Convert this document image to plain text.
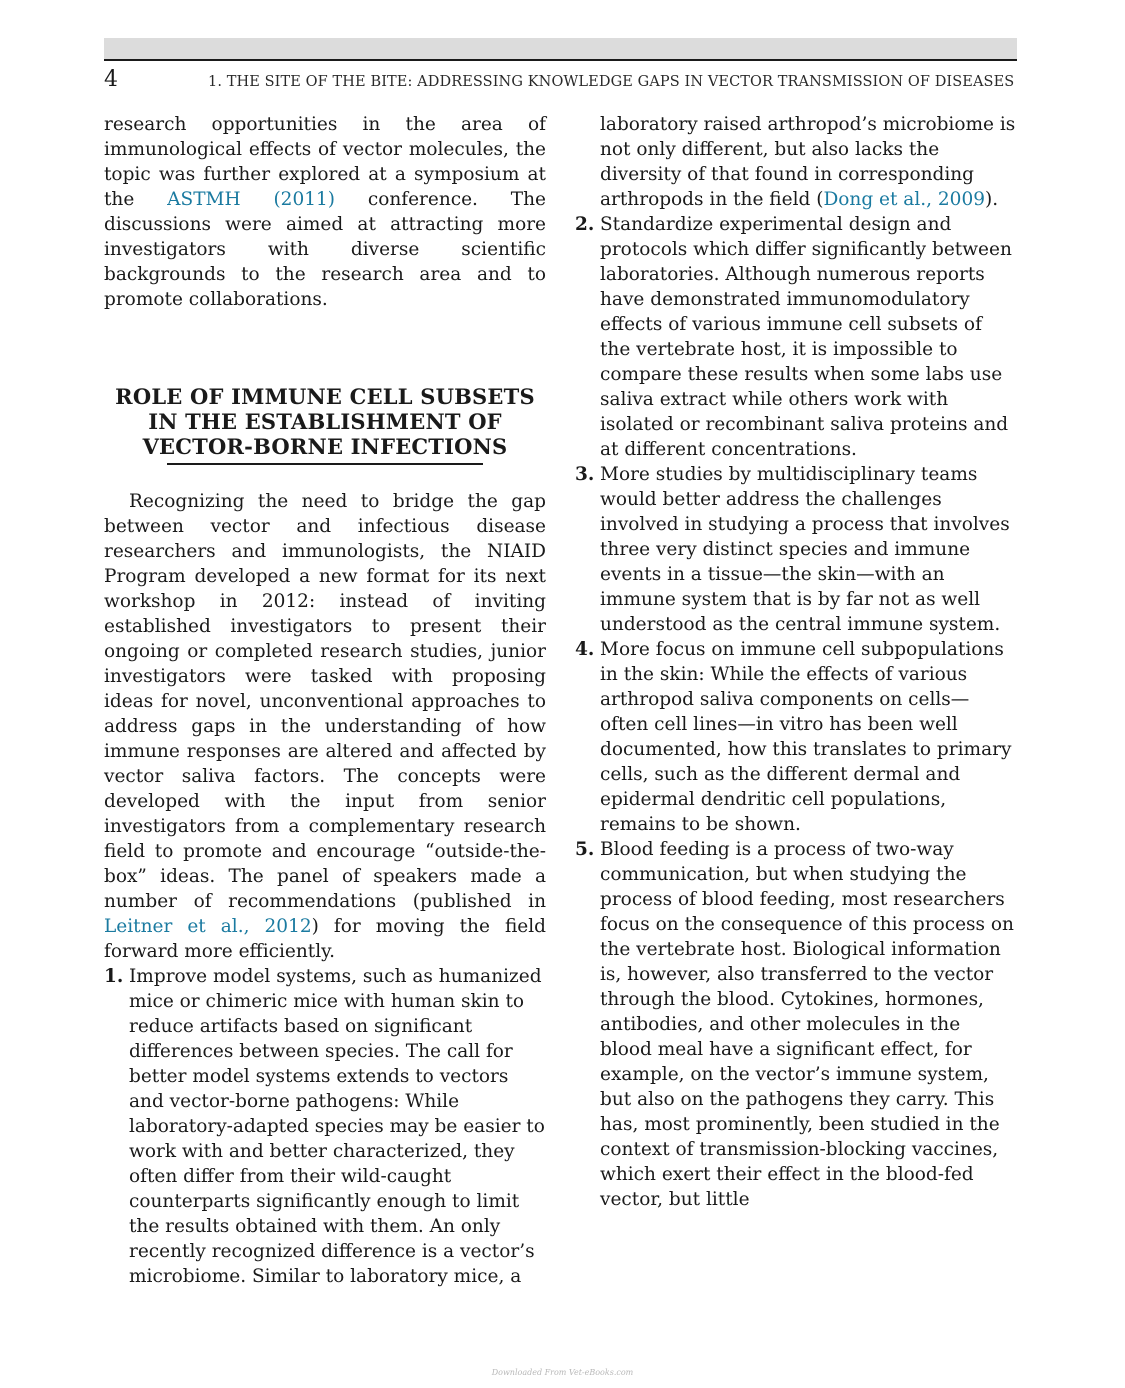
4	1. THE SITE OF THE BITE: ADDRESSING KNOWLEDGE GAPS IN VECTOR TRANSMISSION OF DISEASES

research opportunities in the area of immunological effects of vector molecules, the topic was further explored at a symposium at the ASTMH (2011) conference. The discussions were aimed at attracting more investigators with diverse scientific backgrounds to the research area and to promote collaborations.

ROLE OF IMMUNE CELL SUBSETS
IN THE ESTABLISHMENT OF
VECTOR-BORNE INFECTIONS

Recognizing the need to bridge the gap between vector and infectious disease researchers and immunologists, the NIAID Program developed a new format for its next workshop in 2012: instead of inviting established investigators to present their ongoing or completed research studies, junior investigators were tasked with proposing ideas for novel, unconventional approaches to address gaps in the understanding of how immune responses are altered and affected by vector saliva factors. The concepts were developed with the input from senior investigators from a complementary research field to promote and encourage “outside-the-box” ideas. The panel of speakers made a number of recommendations (published in Leitner et al., 2012) for moving the field forward more efficiently.

1. Improve model systems, such as humanized mice or chimeric mice with human skin to reduce artifacts based on significant differences between species. The call for better model systems extends to vectors and vector-borne pathogens: While laboratory-adapted species may be easier to work with and better characterized, they often differ from their wild-caught counterparts significantly enough to limit the results obtained with them. An only recently recognized difference is a vector’s microbiome. Similar to laboratory mice, a

laboratory raised arthropod’s microbiome is not only different, but also lacks the diversity of that found in corresponding arthropods in the field (Dong et al., 2009).

2. Standardize experimental design and protocols which differ significantly between laboratories. Although numerous reports have demonstrated immunomodulatory effects of various immune cell subsets of the vertebrate host, it is impossible to compare these results when some labs use saliva extract while others work with isolated or recombinant saliva proteins and at different concentrations.
3. More studies by multidisciplinary teams would better address the challenges involved in studying a process that involves three very distinct species and immune events in a tissue—the skin—with an immune system that is by far not as well understood as the central immune system.
4. More focus on immune cell subpopulations in the skin: While the effects of various arthropod saliva components on cells—often cell lines—in vitro has been well documented, how this translates to primary cells, such as the different dermal and epidermal dendritic cell populations, remains to be shown.
5. Blood feeding is a process of two-way communication, but when studying the process of blood feeding, most researchers focus on the consequence of this process on the vertebrate host. Biological information is, however, also transferred to the vector through the blood. Cytokines, hormones, antibodies, and other molecules in the blood meal have a significant effect, for example, on the vector’s immune system, but also on the pathogens they carry. This has, most prominently, been studied in the context of transmission-blocking vaccines, which exert their effect in the blood-fed vector, but little
Downloaded From Vet-eBooks.com
